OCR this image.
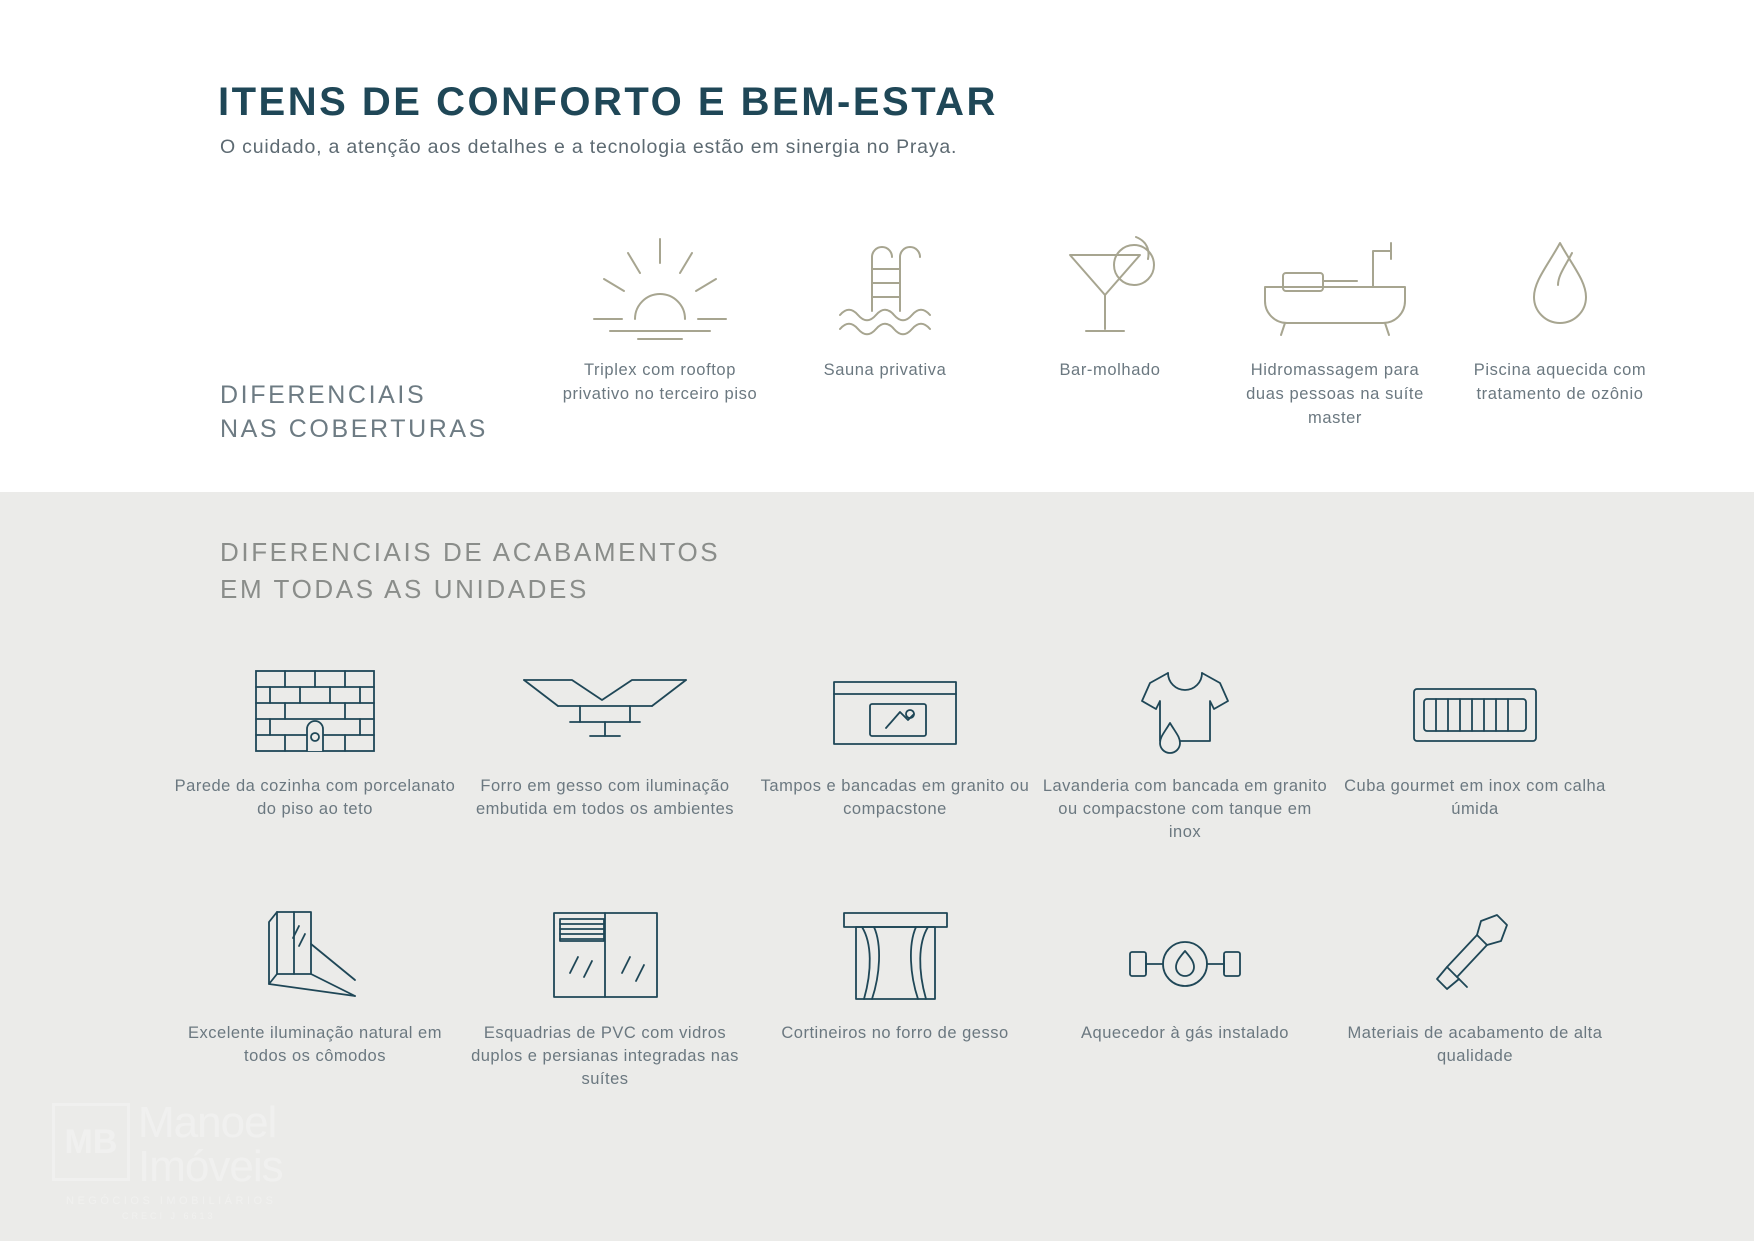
ITENS DE CONFORTO E BEM-ESTAR
O cuidado, a atenção aos detalhes e a tecnologia estão em sinergia no Praya.
DIFERENCIAIS
NAS COBERTURAS
Triplex com rooftop privativo no terceiro piso
Sauna privativa	Bar-molhado	Hidromassagem para duas pessoas na suíte master
Piscina aquecida com tratamento de ozônio
DIFERENCIAIS DE ACABAMENTOS
EM TODAS AS UNIDADES
Parede da cozinha com porcelanato do piso ao teto
Forro em gesso com iluminação embutida em todos os ambientes
Tampos e bancadas em granito ou compacstone
Lavanderia com bancada em granito ou compacstone com tanque em inox
Cuba gourmet em inox com calha úmida
Excelente iluminação natural em todos os cômodos
Esquadrias de PVC com vidros duplos e persianas integradas nas suítes
Cortineiros no forro de gesso	Aquecedor à gás instalado	Materiais de acabamento de alta qualidade
MB Manoel
Imóveis
NEGÓCIOS IMOBILIÁRIOS
CRECI J 6613
